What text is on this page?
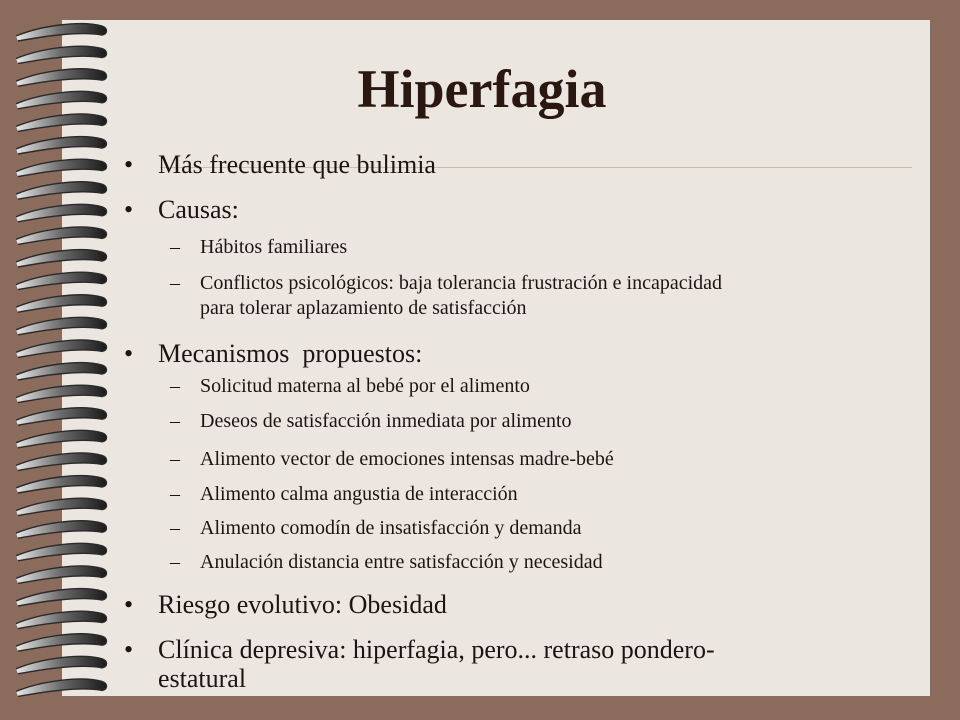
Hiperfagia
• Más frecuente que bulimia
• Causas:
–	Hábitos familiares
–	Conflictos psicológicos: baja tolerancia frustración e incapacidad
para tolerar aplazamiento de satisfacción
• Mecanismos  propuestos:
–	Solicitud materna al bebé por el alimento
–	Deseos de satisfacción inmediata por alimento
–	Alimento vector de emociones intensas madre-bebé
–	Alimento calma angustia de interacción
–	Alimento comodín de insatisfacción y demanda
–	Anulación distancia entre satisfacción y necesidad
• Riesgo evolutivo: Obesidad
• Clínica depresiva: hiperfagia, pero... retraso pondero-
estatural
